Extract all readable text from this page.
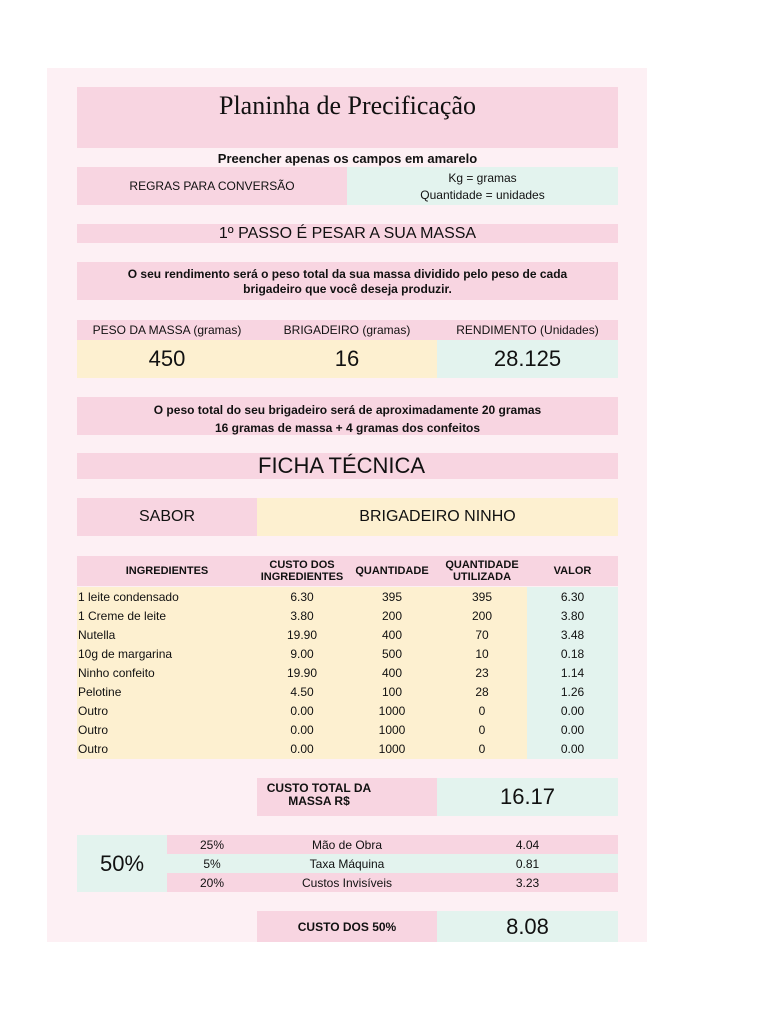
Planinha de Precificação
Preencher apenas os campos em amarelo
REGRAS PARA CONVERSÃO
Kg = gramas
Quantidade = unidades
1º PASSO É PESAR A SUA MASSA
O seu rendimento será o peso total da sua massa dividido pelo peso de cada
brigadeiro que você deseja produzir.
PESO DA MASSA (gramas)	BRIGADEIRO (gramas)	RENDIMENTO (Unidades)
450	16	28.125
O peso total do seu brigadeiro será de aproximadamente 20 gramas
16 gramas de massa + 4 gramas dos confeitos
FICHA TÉCNICA
SABOR	BRIGADEIRO NINHO
INGREDIENTES	CUSTO DOS INGREDIENTES	QUANTIDADE	QUANTIDADE UTILIZADA	VALOR
1 leite condensado	6.30	395	395	6.30
1 Creme de leite	3.80	200	200	3.80
Nutella	19.90	400	70	3.48
10g de margarina	9.00	500	10	0.18
Ninho confeito	19.90	400	23	1.14
Pelotine	4.50	100	28	1.26
Outro	0.00	1000	0	0.00
Outro	0.00	1000	0	0.00
Outro	0.00	1000	0	0.00
CUSTO TOTAL DA MASSA R$	16.17
50%
25%	Mão de Obra	4.04
5%	Taxa Máquina	0.81
20%	Custos Invisíveis	3.23
CUSTO DOS 50%	8.08
